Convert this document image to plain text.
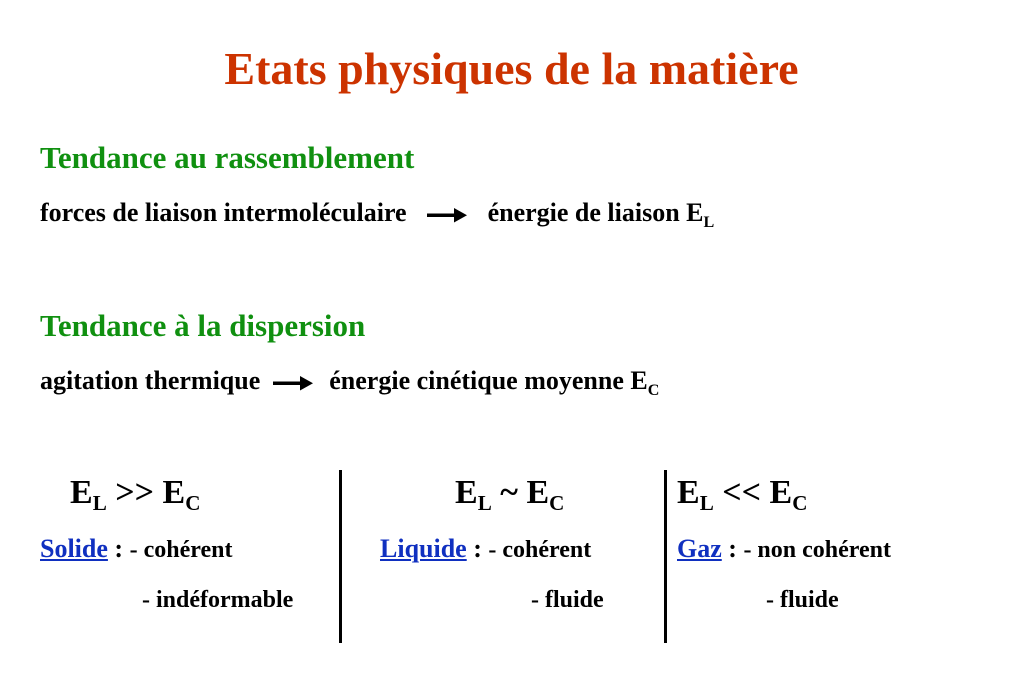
Etats physiques de la matière
Tendance au rassemblement
forces de liaison intermoléculaire	énergie de liaison $E_L$
Tendance à la dispersion
agitation thermique	énergie cinétique moyenne $E_C$
$E_L >> E_C$
Solide : - cohérent
- indéformable
$E_L$ ~ $E_C$
Liquide : - cohérent
- fluide
$E_L << E_C$
Gaz : - non cohérent
- fluide
